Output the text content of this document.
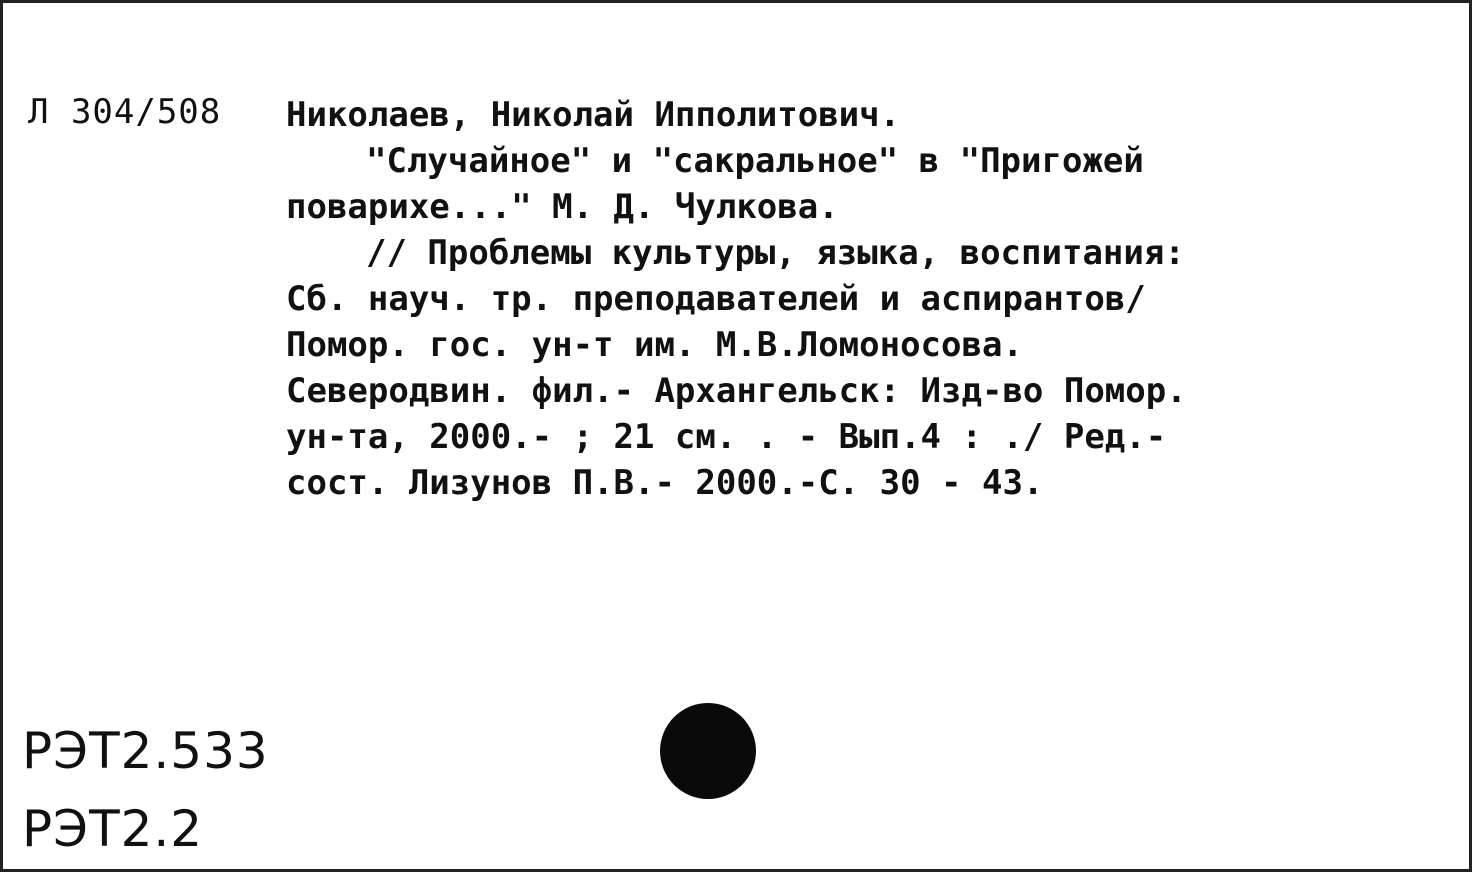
Л 304/508 Николаев, Николай Ипполитович.
"Случайное" и "сакральное" в "Пригожей
поварихе..." М. Д. Чулкова.
// Проблемы культуры, языка, воспитания:
Сб. науч. тр. преподавателей и аспирантов/
Помор. гос. ун-т им. М.В.Ломоносова.
Северодвин. фил.- Архангельск: Изд-во Помор.
ун-та, 2000.- ; 21 см. . - Вып.4 : ./ Ред.-
сост. Лизунов П.В.- 2000.-С. 30 - 43.
РЭТ2.533
РЭТ2.2
